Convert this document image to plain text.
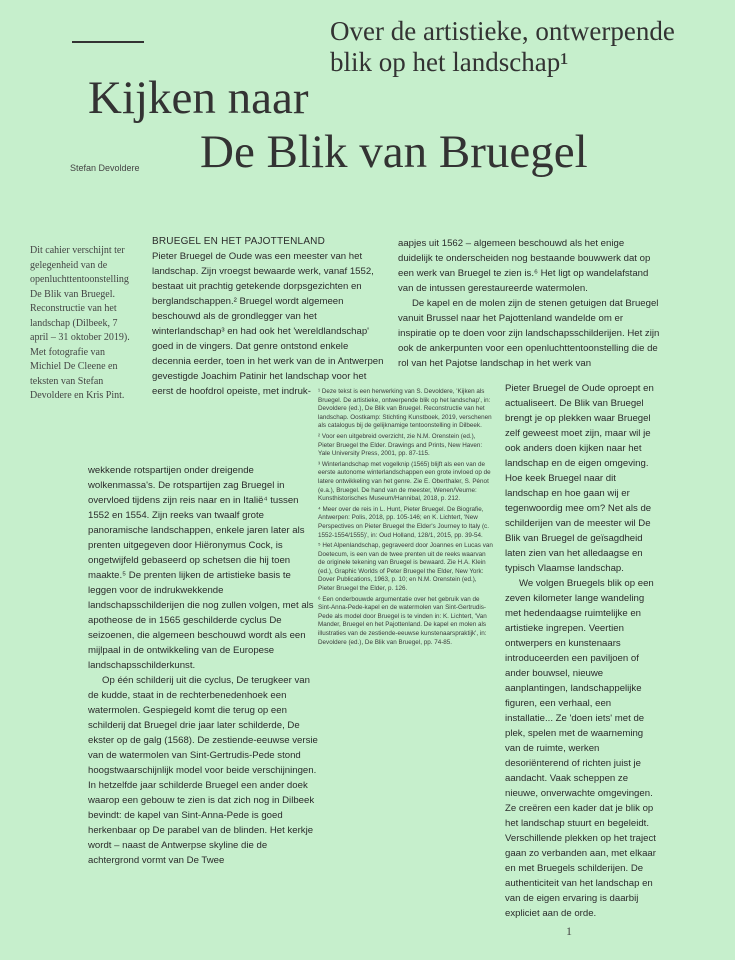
Over de artistieke, ontwerpende blik op het landschap¹
Kijken naar
De Blik van Bruegel
Stefan Devoldere

Dit cahier verschijnt ter gelegenheid van de openluchttentoonstelling De Blik van Bruegel. Reconstructie van het landschap (Dilbeek, 7 april – 31 oktober 2019). Met fotografie van Michiel De Cleene en teksten van Stefan Devoldere en Kris Pint.

BRUEGEL EN HET PAJOTTENLAND

Pieter Bruegel de Oude was een meester van het landschap. Zijn vroegst bewaarde werk, vanaf 1552, bestaat uit prachtig getekende dorpsgezichten en berglandschappen.² Bruegel wordt algemeen beschouwd als de grondlegger van het winterlandschap³ en had ook het 'wereldlandschap' goed in de vingers. Dat genre ontstond enkele decennia eerder, toen in het werk van de in Antwerpen gevestigde Joachim Patinir het landschap voor het eerst de hoofdrol opeiste, met indruk-

wekkende rotspartijen onder dreigende wolkenmassa's. De rotspartijen zag Bruegel in overvloed tijdens zijn reis naar en in Italië⁴ tussen 1552 en 1554. Zijn reeks van twaalf grote panoramische landschappen, enkele jaren later als prenten uitgegeven door Hiëronymus Cock, is ongetwijfeld gebaseerd op schetsen die hij toen maakte.⁵ De prenten lijken de artistieke basis te leggen voor de indrukwekkende landschapsschilderijen die nog zullen volgen, met als apotheose de in 1565 geschilderde cyclus De seizoenen, die algemeen beschouwd wordt als een mijlpaal in de ontwikkeling van de Europese landschapsschilderkunst.

Op één schilderij uit die cyclus, De terugkeer van de kudde, staat in de rechterbenedenhoek een watermolen. Gespiegeld komt die terug op een schilderij dat Bruegel drie jaar later schilderde, De ekster op de galg (1568). De zestiende-eeuwse versie van de watermolen van Sint-Gertrudis-Pede stond hoogstwaarschijnlijk model voor beide verschijningen. In hetzelfde jaar schilderde Bruegel een ander doek waarop een gebouw te zien is dat zich nog in Dilbeek bevindt: de kapel van Sint-Anna-Pede is goed herkenbaar op De parabel van de blinden. Het kerkje wordt – naast de Antwerpse skyline die de achtergrond vormt van De Twee

aapjes uit 1562 – algemeen beschouwd als het enige duidelijk te onderscheiden nog bestaande bouwwerk dat op een werk van Bruegel te zien is.⁶ Het ligt op wandelafstand van de intussen gerestaureerde watermolen.

De kapel en de molen zijn de stenen getuigen dat Bruegel vanuit Brussel naar het Pajottenland wandelde om er inspiratie op te doen voor zijn landschapsschilderijen. Het zijn ook de ankerpunten voor een openluchttentoonstelling die de rol van het Pajotse landschap in het werk van

¹ Deze tekst is een herwerking van S. Devoldere, 'Kijken als Bruegel. De artistieke, ontwerpende blik op het landschap', in: Devoldere (ed.), De Blik van Bruegel. Reconstructie van het landschap. Oostkamp: Stichting Kunstboek, 2019, verschenen als catalogus bij de gelijknamige tentoonstelling in Dilbeek.

² Voor een uitgebreid overzicht, zie N.M. Orenstein (ed.), Pieter Bruegel the Elder. Drawings and Prints, New Haven: Yale University Press, 2001, pp. 87-115.

³ Winterlandschap met vogelknip (1565) blijft als een van de eerste autonome winterlandschappen een grote invloed op de latere ontwikkeling van het genre. Zie E. Oberthaler, S. Pénot (e.a.), Bruegel. De hand van de meester, Wenen/Veurne: Kunsthistorisches Museum/Hannibal, 2018, p. 212.

⁴ Meer over de reis in L. Hunt, Pieter Bruegel. De Biografie, Antwerpen: Polis, 2018, pp. 105-146; en K. Lichtert, 'New Perspectives on Pieter Bruegel the Elder's Journey to Italy (c. 1552-1554/1555)', in: Oud Holland, 128/1, 2015, pp. 39-54.

⁵ Het Alpenlandschap, gegraveerd door Joannes en Lucas van Doetecum, is een van de twee prenten uit de reeks waarvan de originele tekening van Bruegel is bewaard. Zie H.A. Klein (ed.), Graphic Worlds of Peter Bruegel the Elder, New York: Dover Publications, 1963, p. 10; en N.M. Orenstein (ed.), Pieter Bruegel the Elder, p. 126.

⁶ Een onderbouwde argumentatie over het gebruik van de Sint-Anna-Pede-kapel en de watermolen van Sint-Gertrudis-Pede als model door Bruegel is te vinden in: K. Lichtert, 'Van Mander, Bruegel en het Pajottenland. De kapel en molen als illustraties van de zestiende-eeuwse kunstenaarspraktijk', in: Devoldere (ed.), De Blik van Bruegel, pp. 74-85.

Pieter Bruegel de Oude oproept en actualiseert. De Blik van Bruegel brengt je op plekken waar Bruegel zelf geweest moet zijn, maar wil je ook anders doen kijken naar het landschap en de eigen omgeving. Hoe keek Bruegel naar dit landschap en hoe gaan wij er tegenwoordig mee om? Net als de schilderijen van de meester wil De Blik van Bruegel de geïsagdheid laten zien van het alledaagse en typisch Vlaamse landschap.

We volgen Bruegels blik op een zeven kilometer lange wandeling met hedendaagse ruimtelijke en artistieke ingrepen. Veertien ontwerpers en kunstenaars introduceerden een paviljoen of ander bouwsel, nieuwe aanplantingen, landschappelijke figuren, een verhaal, een installatie... Ze 'doen iets' met de plek, spelen met de waarneming van de ruimte, werken desoriënterend of richten juist je aandacht. Vaak scheppen ze nieuwe, onverwachte omgevingen. Ze creëren een kader dat je blik op het landschap stuurt en begeleidt. Verschillende plekken op het traject gaan zo verbanden aan, met elkaar en met Bruegels schilderijen. De authenticiteit van het landschap en van de eigen ervaring is daarbij expliciet aan de orde.

1
